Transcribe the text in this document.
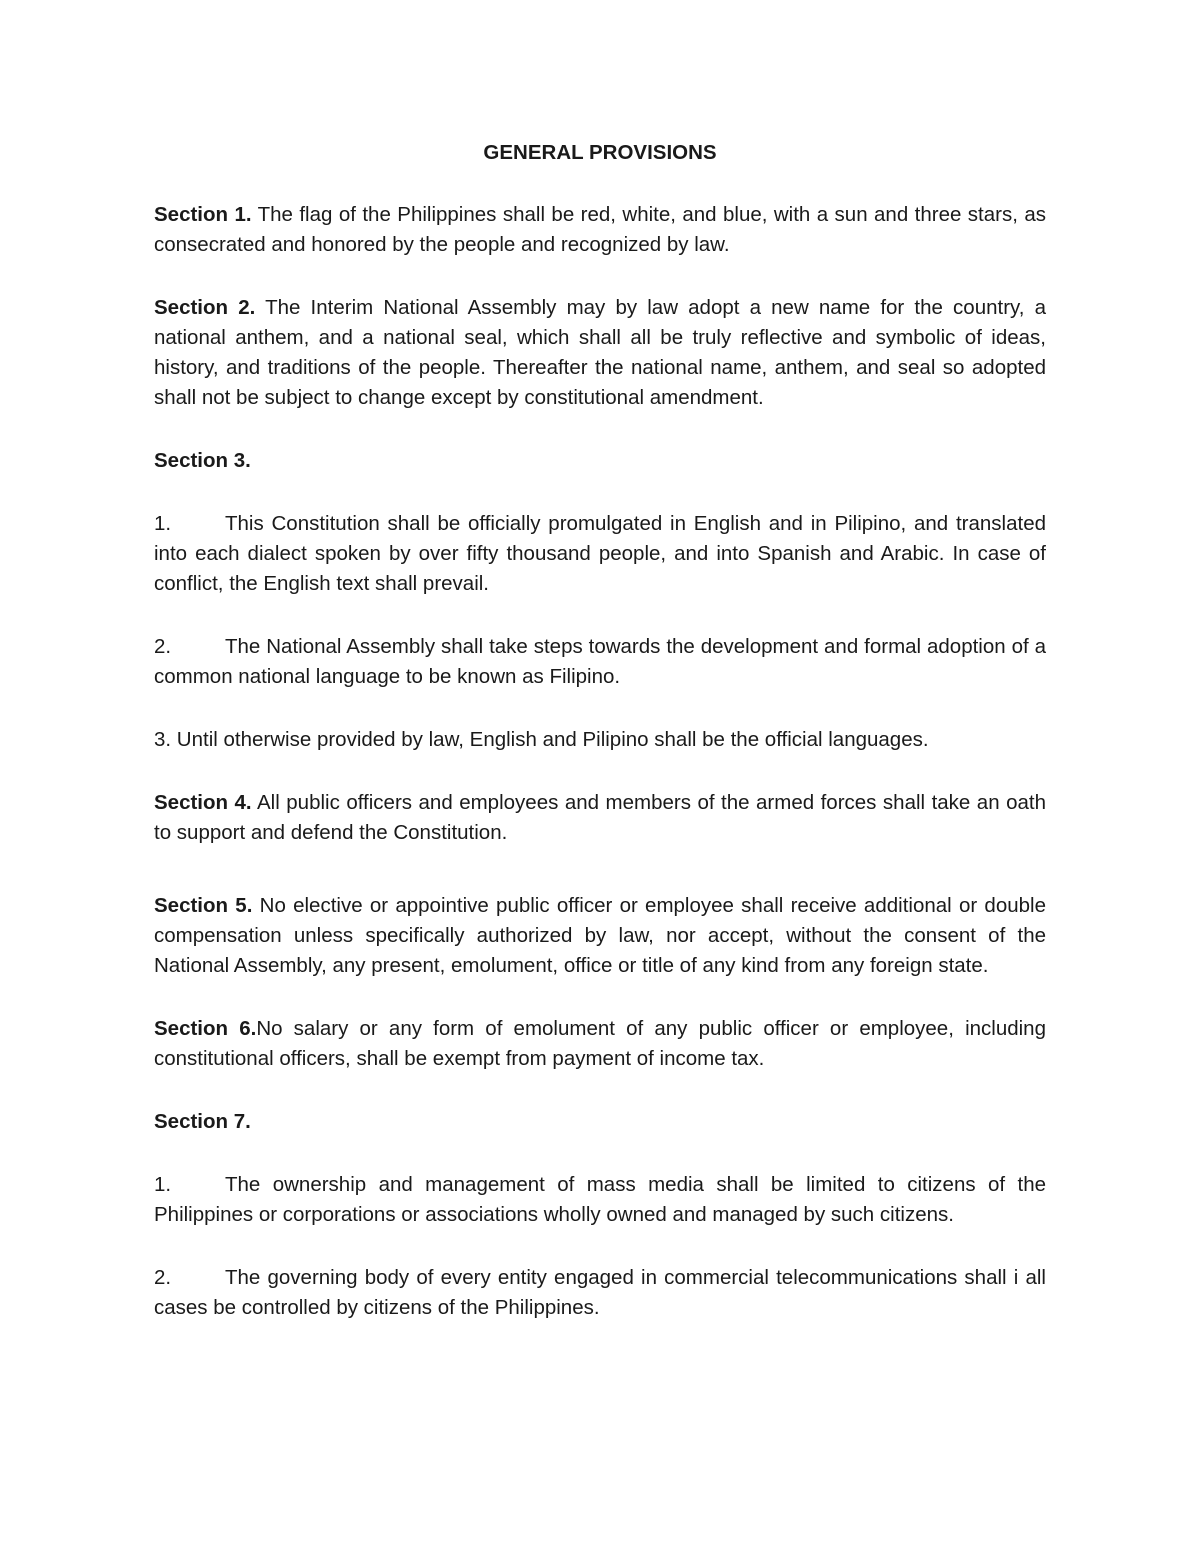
GENERAL PROVISIONS

Section 1. The flag of the Philippines shall be red, white, and blue, with a sun and three stars, as consecrated and honored by the people and recognized by law.

Section 2. The Interim National Assembly may by law adopt a new name for the country, a national anthem, and a national seal, which shall all be truly reflective and symbolic of ideas, history, and traditions of the people. Thereafter the national name, anthem, and seal so adopted shall not be subject to change except by constitutional amendment.

Section 3.

1.	This Constitution shall be officially promulgated in English and in Pilipino, and translated into each dialect spoken by over fifty thousand people, and into Spanish and Arabic. In case of conflict, the English text shall prevail.

2.	The National Assembly shall take steps towards the development and formal adoption of a common national language to be known as Filipino.

3. Until otherwise provided by law, English and Pilipino shall be the official languages.

Section 4. All public officers and employees and members of the armed forces shall take an oath to support and defend the Constitution.

Section 5. No elective or appointive public officer or employee shall receive additional or double compensation unless specifically authorized by law, nor accept, without the consent of the National Assembly, any present, emolument, office or title of any kind from any foreign state.

Section 6.No salary or any form of emolument of any public officer or employee, including constitutional officers, shall be exempt from payment of income tax.

Section 7.

1.	The ownership and management of mass media shall be limited to citizens of the Philippines or corporations or associations wholly owned and managed by such citizens.

2.	The governing body of every entity engaged in commercial telecommunications shall i all cases be controlled by citizens of the Philippines.
